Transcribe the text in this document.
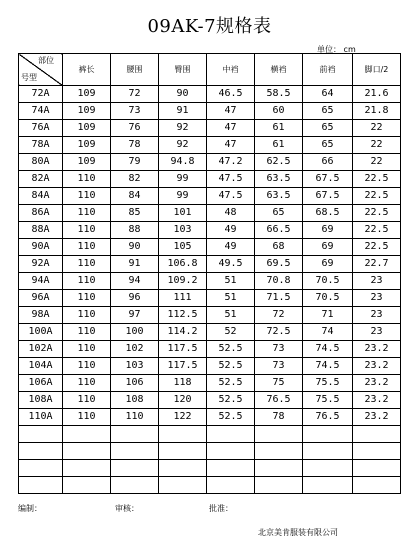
09AK-7规格表
单位： cm
部位
号型	裤长	腰围	臀围	中裆	横裆	前裆	脚口/2
72A	109	72	90	46.5	58.5	64	21.6
74A	109	73	91	47	60	65	21.8
76A	109	76	92	47	61	65	22
78A	109	78	92	47	61	65	22
80A	109	79	94.8	47.2	62.5	66	22
82A	110	82	99	47.5	63.5	67.5	22.5
84A	110	84	99	47.5	63.5	67.5	22.5
86A	110	85	101	48	65	68.5	22.5
88A	110	88	103	49	66.5	69	22.5
90A	110	90	105	49	68	69	22.5
92A	110	91	106.8	49.5	69.5	69	22.7
94A	110	94	109.2	51	70.8	70.5	23
96A	110	96	111	51	71.5	70.5	23
98A	110	97	112.5	51	72	71	23
100A	110	100	114.2	52	72.5	74	23
102A	110	102	117.5	52.5	73	74.5	23.2
104A	110	103	117.5	52.5	73	74.5	23.2
106A	110	106	118	52.5	75	75.5	23.2
108A	110	108	120	52.5	76.5	75.5	23.2
110A	110	110	122	52.5	78	76.5	23.2

编制：	审核：	批准：
北京美肯服装有限公司
